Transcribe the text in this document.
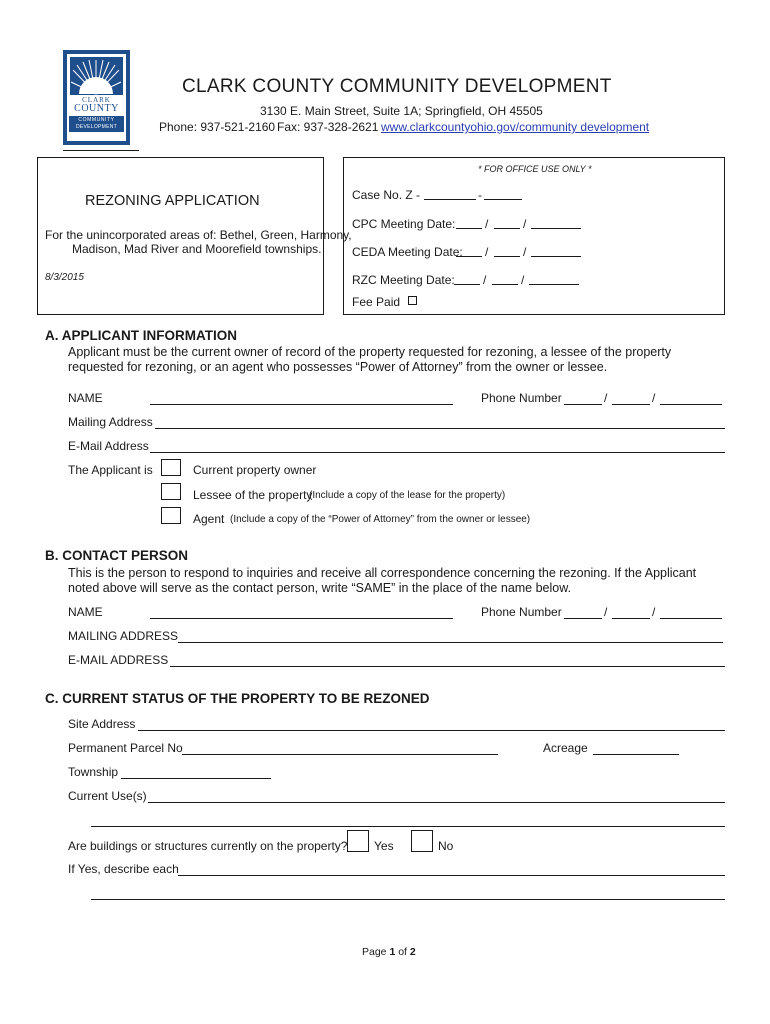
CLARK
COUNTY
COMMUNITY
DEVELOPMENT
CLARK COUNTY COMMUNITY DEVELOPMENT
3130 E. Main Street, Suite 1A; Springfield, OH 45505
Phone: 937-521-2160 Fax: 937-328-2621 www.clarkcountyohio.gov/community development
REZONING APPLICATION
For the unincorporated areas of: Bethel, Green, Harmony,
Madison, Mad River and Moorefield townships.
8/3/2015
* FOR OFFICE USE ONLY *
Case No. Z -	-
CPC Meeting Date: /	/
CEDA Meeting Date: /	/
RZC Meeting Date: /	/
Fee Paid
A. APPLICANT INFORMATION
Applicant must be the current owner of record of the property requested for rezoning, a lessee of the property
requested for rezoning, or an agent who possesses “Power of Attorney” from the owner or lessee.
NAME	Phone Number	/	/
Mailing Address
E-Mail Address
The Applicant is	Current property owner
Lessee of the property
(Include a copy of the lease for the property)
Agent (Include a copy of the “Power of Attorney” from the owner or lessee)
B. CONTACT PERSON
This is the person to respond to inquiries and receive all correspondence concerning the rezoning. If the Applicant
noted above will serve as the contact person, write “SAME” in the place of the name below.
NAME	Phone Number	/	/
MAILING ADDRESS
E-MAIL ADDRESS
C. CURRENT STATUS OF THE PROPERTY TO BE REZONED
Site Address
Permanent Parcel No	Acreage
Township
Current Use(s)
Are buildings or structures currently on the property? Yes	No
If Yes, describe each
Page 1 of 2
